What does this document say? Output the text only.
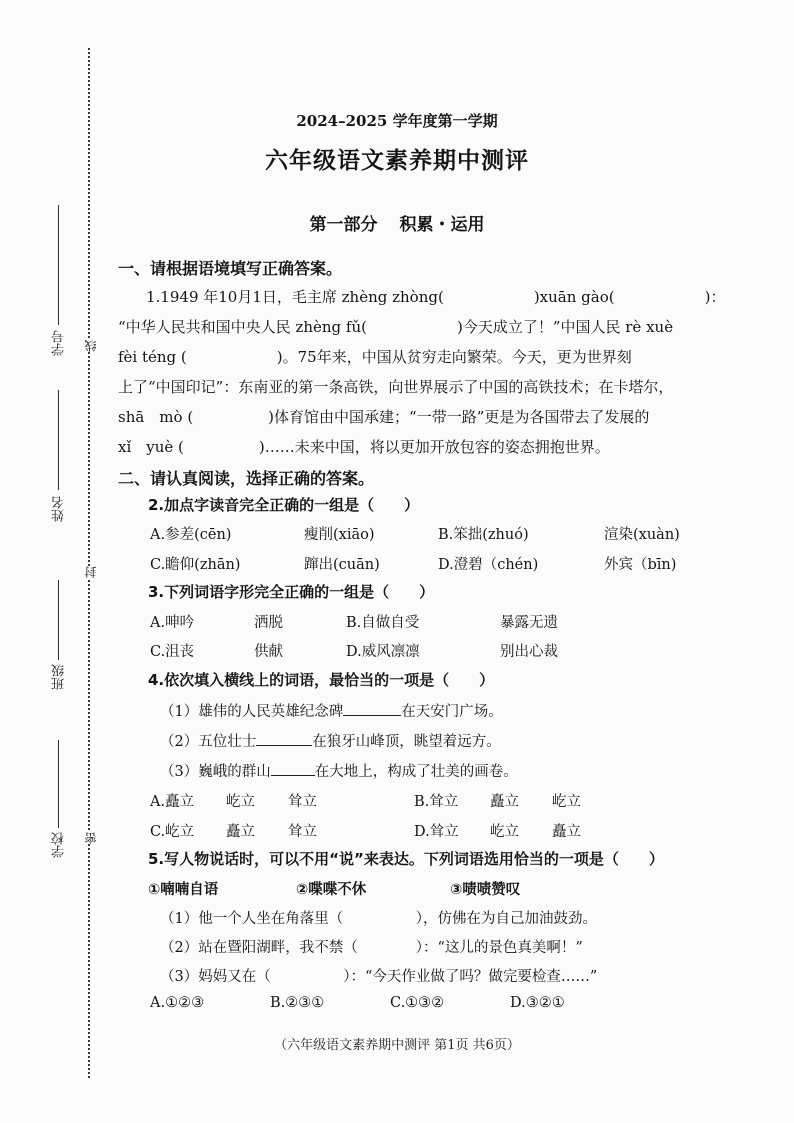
学号
姓名
班级
学校
线
封
密
2024–2025 学年度第一学期
六年级语文素养期中测评
第一部分 积累・运用
一、请根据语境填写正确答案。
1.1949 年10月1日，毛主席 zhèng zhòng(　　　　　　)xuān gào(　　　　　　)：
“中华人民共和国中央人民 zhèng fǔ(　　　　　　)今天成立了！”中国人民 rè xuè
fèi téng (　　　　　　)。75年来，中国从贫穷走向繁荣。今天，更为世界刻
上了“中国印记”：东南亚的第一条高铁，向世界展示了中国的高铁技术；在卡塔尔，
shā　mò (　　　　　)体育馆由中国承建；“一带一路”更是为各国带去了发展的
xǐ　yuè (　　　　　)……未来中国，将以更加开放包容的姿态拥抱世界。
二、请认真阅读，选择正确的答案。
2.加点字读音完全正确的一组是（　　）
A.参差(cēn)	瘦削(xiāo)	B.笨拙(zhuó)	渲染(xuàn)
C.瞻仰(zhān)	蹿出(cuān)	D.澄碧（chén)	外宾（bīn)
3.下列词语字形完全正确的一组是（　　）
A.呻吟	洒脱	B.自做自受	暴露无遗
C.沮丧	供献	D.威风凛凛	别出心裁
4.依次填入横线上的词语，最恰当的一项是（　　）
（1）雄伟的人民英雄纪念碑	在天安门广场。
（2）五位壮士	在狼牙山峰顶，眺望着远方。
（3）巍峨的群山	在大地上，构成了壮美的画卷。
A.矗立 屹立 耸立	B.耸立 矗立 屹立
C.屹立 矗立 耸立	D.耸立 屹立 矗立
5.写人物说话时，可以不用“说”来表达。下列词语选用恰当的一项是（　　）
①喃喃自语	②喋喋不休	③啧啧赞叹
（1）他一个人坐在角落里（　　　　　），仿佛在为自己加油鼓劲。
（2）站在暨阳湖畔，我不禁（　　　　）：“这儿的景色真美啊！”
（3）妈妈又在（　　　　　）：“今天作业做了吗？做完要检查……”
A.①②③	B.②③①	C.①③②	D.③②①
（六年级语文素养期中测评 第1页 共6页）
